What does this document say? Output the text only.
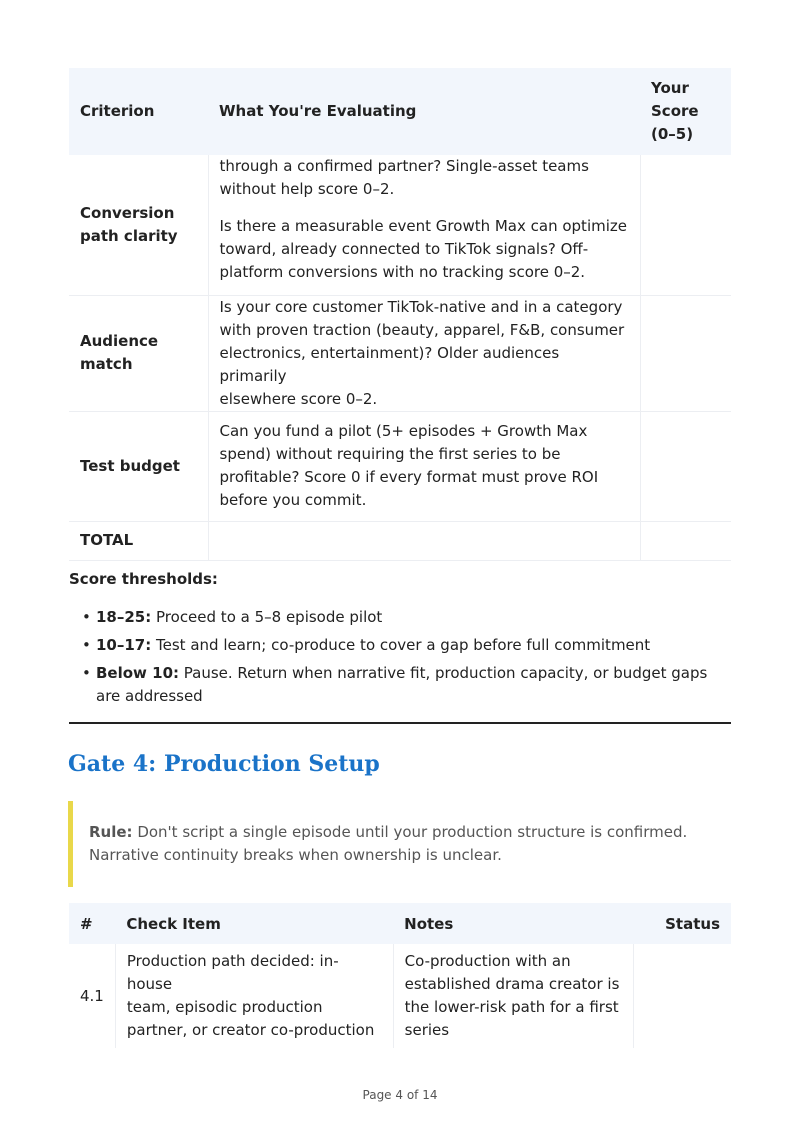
Criterion	What You're Evaluating	Your
Score
(0–5)
Conversion
path clarity	through a confirmed partner? Single-asset teams
without help score 0–2.
Is there a measurable event Growth Max can optimize
toward, already connected to TikTok signals? Off-
platform conversions with no tracking score 0–2.	

Audience
match	Is your core customer TikTok-native and in a category
with proven traction (beauty, apparel, F&B, consumer
electronics, entertainment)? Older audiences primarily
elsewhere score 0–2.	
Test budget	Can you fund a pilot (5+ episodes + Growth Max
spend) without requiring the first series to be
profitable? Score 0 if every format must prove ROI
before you commit.	
TOTAL		
Score thresholds:
• 18–25: Proceed to a 5–8 episode pilot
• 10–17: Test and learn; co-produce to cover a gap before full commitment
• Below 10: Pause. Return when narrative fit, production capacity, or budget gaps are addressed
Gate 4: Production Setup
Rule: Don't script a single episode until your production structure is confirmed. Narrative continuity breaks when ownership is unclear.
#	Check Item	Notes	Status
4.1	Production path decided: in-house
team, episodic production
partner, or creator co-production	Co-production with an
established drama creator is
the lower-risk path for a first
series	
Page 4 of 14
